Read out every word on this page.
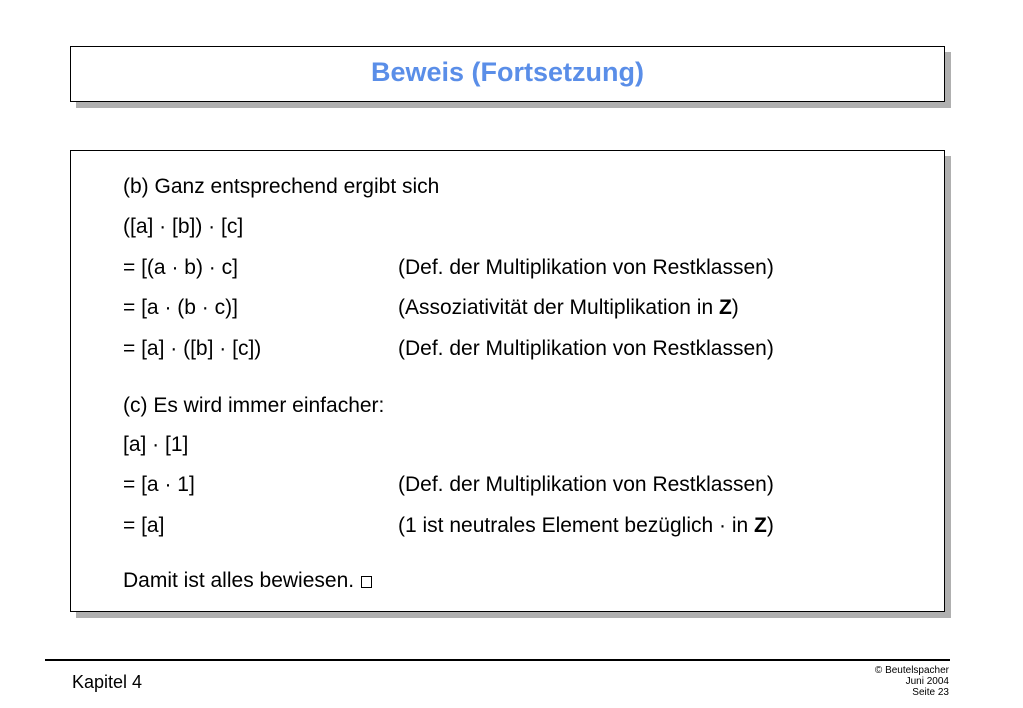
Beweis (Fortsetzung)
(b) Ganz entsprechend ergibt sich
([a] · [b]) · [c]
= [(a · b) · c]	(Def. der Multiplikation von Restklassen)
= [a · (b · c)]	(Assoziativität der Multiplikation in Z)
= [a] · ([b] · [c])	(Def. der Multiplikation von Restklassen)
(c) Es wird immer einfacher:
[a] · [1]
= [a · 1]	(Def. der Multiplikation von Restklassen)
= [a]	(1 ist neutrales Element bezüglich · in Z)
Damit ist alles bewiesen.
Kapitel 4
© Beutelspacher
Juni 2004
Seite 23
